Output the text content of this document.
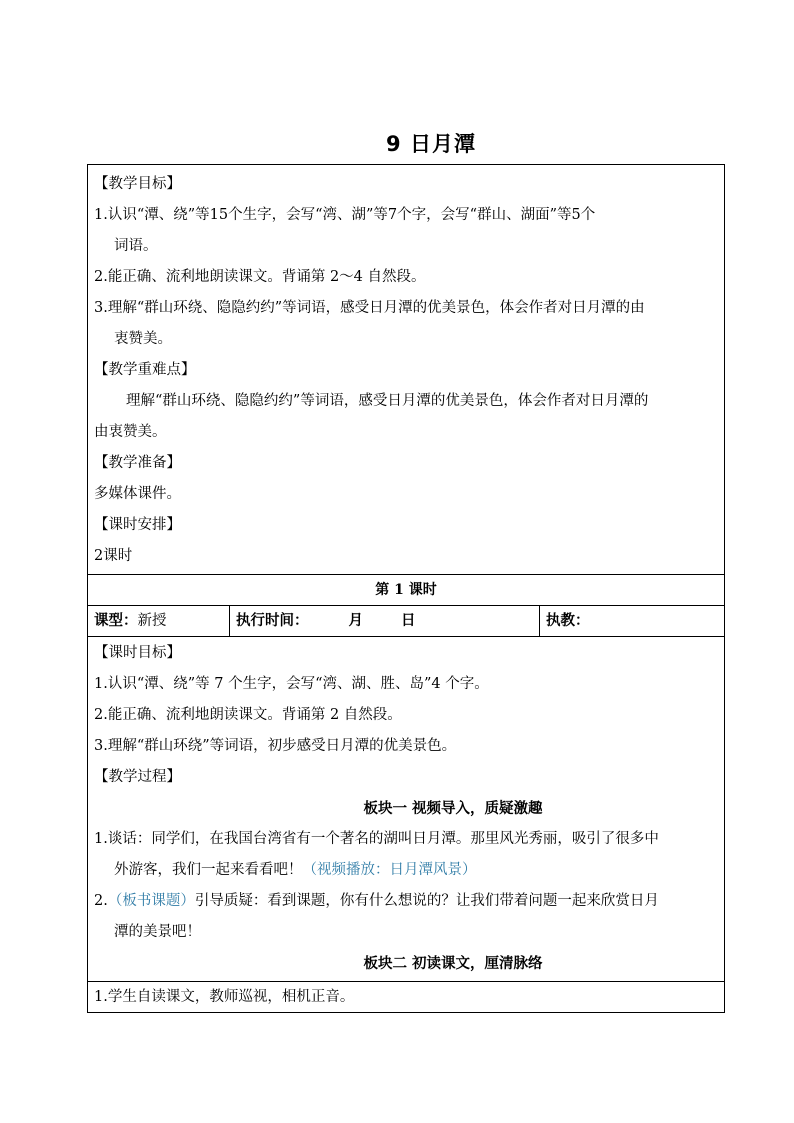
9 日月潭
【教学目标】
1.认识“潭、绕”等15个生字，会写“湾、湖”等7个字，会写“群山、湖面”等5个
词语。
2.能正确、流利地朗读课文。背诵第 2～4 自然段。
3.理解“群山环绕、隐隐约约”等词语，感受日月潭的优美景色，体会作者对日月潭的由
衷赞美。
【教学重难点】
理解“群山环绕、隐隐约约”等词语，感受日月潭的优美景色，体会作者对日月潭的
由衷赞美。
【教学准备】
多媒体课件。
【课时安排】
2课时
第 1 课时
课型：新授	执行时间：	月	日	执教：
【课时目标】
1.认识“潭、绕”等 7 个生字，会写“湾、湖、胜、岛”4 个字。
2.能正确、流利地朗读课文。背诵第 2 自然段。
3.理解“群山环绕”等词语，初步感受日月潭的优美景色。
【教学过程】
板块一 视频导入，质疑激趣
1.谈话：同学们，在我国台湾省有一个著名的湖叫日月潭。那里风光秀丽，吸引了很多中
外游客，我们一起来看看吧！（视频播放：日月潭风景）
2.（板书课题）引导质疑：看到课题，你有什么想说的？让我们带着问题一起来欣赏日月
潭的美景吧！
板块二 初读课文，厘清脉络
1.学生自读课文，教师巡视，相机正音。
